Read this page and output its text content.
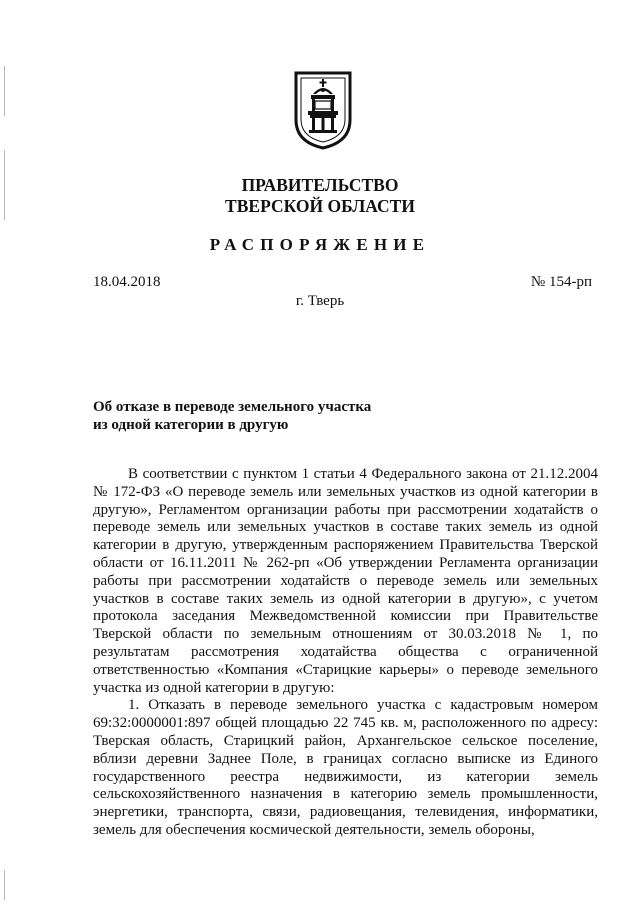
ПРАВИТЕЛЬСТВО
ТВЕРСКОЙ ОБЛАСТИ
РАСПОРЯЖЕНИЕ
18.04.2018	№ 154-рп
г. Тверь
Об отказе в переводе земельного участка
из одной категории в другую

В соответствии с пунктом 1 статьи 4 Федерального закона от 21.12.2004 № 172-ФЗ «О переводе земель или земельных участков из одной категории в другую», Регламентом организации работы при рассмотрении ходатайств о переводе земель или земельных участков в составе таких земель из одной категории в другую, утвержденным распоряжением Правительства Тверской области от 16.11.2011 № 262-рп «Об утверждении Регламента организации работы при рассмотрении ходатайств о переводе земель или земельных участков в составе таких земель из одной категории в другую», с учетом протокола заседания Межведомственной комиссии при Правительстве Тверской области по земельным отношениям от 30.03.2018 № 1, по результатам рассмотрения ходатайства общества с ограниченной ответственностью «Компания «Старицкие карьеры» о переводе земельного участка из одной категории в другую:

1. Отказать в переводе земельного участка с кадастровым номером 69:32:0000001:897 общей площадью 22 745 кв. м, расположенного по адресу: Тверская область, Старицкий район, Архангельское сельское поселение, вблизи деревни Заднее Поле, в границах согласно выписке из Единого государственного реестра недвижимости, из категории земель сельскохозяйственного назначения в категорию земель промышленности, энергетики, транспорта, связи, радиовещания, телевидения, информатики, земель для обеспечения космической деятельности, земель обороны,
